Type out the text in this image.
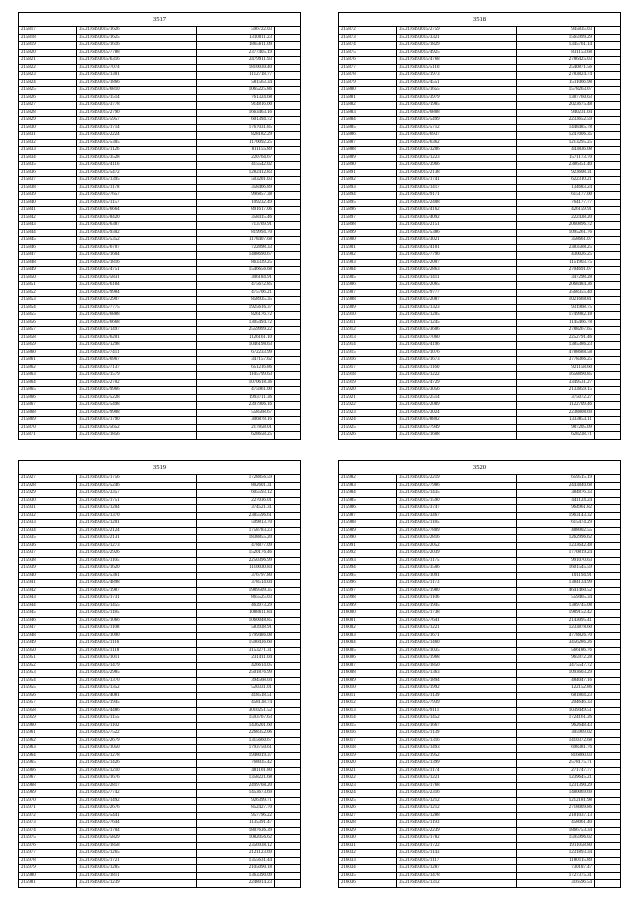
3517
215817	35.21/6493015/1626	596722.03	
215818	35.21/6493015/1625	1310011.23	
215819	35.21/6493015/1616	1865611.09	
215820	35.21/6493015/7788	2377405.19	
215821	35.21/6493015/6316	2479911.93	
215822	35.21/6493015/7074	1810030.40	
215823	35.21/6493015/1301	1112718.77	
215824	35.21/6493015/1866	581563.34	
215825	35.21/6493015/6810	1065225.86	
215826	35.21/6493015/1514	761324.68	
215827	35.21/6493015/3778	914816.00	
215828	35.21/6493015/2790	1663463.16	
215829	35.21/6493015/5957	601394.72	
215830	35.21/6493015/1714	1767031.85	
215831	35.21/6493015/2224	828182.29	
215832	35.21/6493015/5305	1170092.25	
215833	35.21/6493015/1126	811155.89	
215834	35.21/6493015/3528	220764.67	
215835	35.21/6493015/4116	415542.02	
215836	35.21/6493015/5472	1282412.83	
215837	35.21/6493015/1395	503201.03	
215838	35.21/6493015/1178	358466.89	
215839	35.21/6493015/7657	996857.38	
215840	35.21/6493015/1157	109232.49	
215841	35.21/6493015/6664	891617.06	
215842	35.21/6493015/8420	358415.46	
215843	35.21/6493015/6387	713769.91	
215844	35.21/6493015/9302	819994.70	
215845	35.21/6493015/5352	1178407.68	
215846	35.21/6493015/6707	722898.33	
215847	35.21/6493015/1604	1488690.67	
215848	35.21/6493015/1816	863339.25	
215849	35.21/6493015/4751	1546656.68	
215850	35.21/6493015/5831	306184.91	
215851	35.21/6493015/6184	475672.85	
215852	35.21/6493015/9984	475706.21	
215853	35.21/6493015/2907	858935.35	
215854	35.21/6493015/7775	1925616.37	
215855	35.21/6493015/6888	826176.72	
215856	35.21/6493015/6668	1305494.72	
215857	35.21/6493015/1497	2559999.22	
215858	35.21/6493015/6201	1126161.10	
215859	35.21/6493015/1298	1046198.63	
215860	35.21/6493015/7411	672233.99	
215861	35.21/6493015/6967	347157.62	
215862	35.21/6493015/7137	651216.86	
215863	35.21/6493015/1579	1105799.63	
215864	35.21/6493015/2702	1070618.36	
215865	35.21/6493015/9966	475961.00	
215866	35.21/6493015/5228	1993711.36	
215867	35.21/6493015/5498	2397906.16	
215868	35.21/6493015/9908	558568.67	
215869	35.21/6493015/1790	306878.16	
215870	35.21/6493015/5652	217858.01	
215871	35.21/6493015/1856	628658.25	
3518
215872	35.21/6493015/2759	945835.03	
215873	35.21/6493015/3321	1565999.29	
215874	35.21/6493015/1829	1345761.14	
215875	35.21/6493015/4925	831153.68	
215876	35.21/6493015/4768	2786425.03	
215877	35.21/6493015/5110	2540871.56	
215878	35.21/6493015/1973	2783824.74	
215879	35.21/6493015/4551	1511066.98	
215880	35.21/6493015/1655	1578263.07	
215881	35.21/6493015/3979	1387760.63	
215882	35.21/6493015/1985	2023675.48	
215883	35.21/6493015/6808	940231.04	
215884	35.21/6493015/5499	2233652.59	
215885	35.21/6493015/5712	1448485.78	
215886	35.21/6493015/6937	1247006.35	
215887	35.21/6493015/6362	1213295.25	
215888	35.21/6493015/3206	443836.08	
215889	35.21/6493015/1223	1571173.70	
215890	35.21/6493015/3966	2386351.40	
215891	35.21/6493015/2138	923608.31	
215892	35.21/6493015/1741	622310.21	
215893	35.21/6493015/1417	134683.24	
215894	35.21/6493015/9171	615177.00	
215895	35.21/6493015/2408	764177.77	
215896	35.21/6493015/4162	426159.91	
215897	35.21/6493015/4092	222438.20	
215898	35.21/6493015/2151	2060896.72	
215899	35.21/6493015/5386	1095261.76	
215900	35.21/6493015/3021	358661.07	
215901	35.21/6493015/4101	2383588.25	
215902	35.21/6493015/7790	430026.25	
215903	35.21/6493015/2007	1151903.75	
215904	35.21/6493015/2863	2704691.07	
215905	35.21/6493015/1411	347298.28	
215906	35.21/6493015/2065	2068484.36	
215907	35.21/6493015/9777	3568355.40	
215908	35.21/6493015/2087	1021668.81	
215909	35.21/6493015/1323	931968.75	
215910	35.21/6493015/1205	1749982.18	
215911	35.21/6493015/1245	1145466.78	
215912	35.21/6493015/3606	2788267.65	
215913	35.21/6493015/7060	2252791.46	
215914	35.21/6493015/4196	1385386.23	
215915	35.21/6493015/1076	4788688.58	
215916	35.21/6493015/1673	3778366.25	
215917	35.21/6493015/1160	921158.60	
215918	35.21/6493015/1222	1658890.85	
215919	35.21/6493015/4729	3349531.27	
215920	35.21/6493015/3056	2133859.15	
215921	35.21/6493015/2514	375072.27	
215922	35.21/6493015/2089	1122709.46	
215923	35.21/6493015/3024	2238808.69	
215924	35.21/6493015/8802	1333853.11	
215925	35.21/6493015/7949	987205.09	
215926	35.21/6493015/1608	628238.71	
3519
215927	35.21/6493015/1756	1728856.59	
215928	35.21/6493015/5246	802601.31	
215929	35.21/6493015/3357	605593.12	
215930	35.21/6493015/1751	227036.01	
215931	35.21/6493015/1204	374521.31	
215932	35.21/6493015/1370	2385596.61	
215933	35.21/6493015/1201	599813.70	
215934	35.21/6493015/2124	1758783.23	
215935	35.21/6493015/2131	1838855.20	
215936	35.21/6493015/1273	478877.09	
215937	35.21/6493015/2926	1520176.46	
215938	35.21/6493015/1105	2250396.99	
215939	35.21/6493015/1620	1110030.84	
215940	35.21/6493015/5361	376797.80	
215941	35.21/6493015/4898	378514.04	
215942	35.21/6493015/1987	1989509.35	
215943	35.21/6493015/1731	865525.03	
215944	35.21/6493015/1455	463973.29	
215945	35.21/6493015/1185	1088611.84	
215946	35.21/6493015/1066	1060048.85	
215947	35.21/6493015/1108	583938.91	
215948	35.21/6493015/1090	1799486.08	
215949	35.21/6493015/1116	1590436.60	
215950	35.21/6493015/1118	3153271.31	
215951	35.21/6493015/1011	231411.04	
215952	35.21/6493015/1479	426614.05	
215953	35.21/6493015/2985	2501876.99	
215954	35.21/6493015/1370	394568.04	
215955	35.21/6493015/1352	520331.01	
215956	35.21/6493015/4081	418518.51	
215957	35.21/6493015/1945	458138.74	
215958	35.21/6493015/4486	3010251.52	
215959	35.21/6493015/1155	1593767.63	
215960	35.21/6493015/1102	1436201.60	
215961	35.21/6493015/7522	2268352.06	
215962	35.21/6493015/2679	1315660.67	
215963	35.21/6493015/1050	1793750.61	
215964	35.21/6493015/1278	1948019.37	
215965	35.21/6493015/1426	768035.42	
215966	35.21/6493015/1210	481101.80	
215967	35.21/6493015/1676	1358221.68	
215968	35.21/6493015/2817	2499768.20	
215969	35.21/6493015/7742	1453673.69	
215970	35.21/6493015/1492	926399.71	
215971	35.21/6493015/2676	852427.70	
215972	35.21/6493015/5441	957796.22	
215973	35.21/6493015/7644	1135391.47	
215974	35.21/6493015/1704	1807636.39	
215975	35.21/6493015/5829	1082056.62	
215976	35.21/6493015/1858	2356938.12	
215977	35.21/6493015/1265	2121123.69	
215978	35.21/6493015/1721	1355631.44	
215979	35.21/6493015/1285	2105090.18	
215980	35.21/6493015/1811	1363390.09	
215981	35.21/6493015/1239	2248014.23	
3520
215982	35.21/6493015/2219	659515.19	
215983	35.21/6493015/7986	2443840.68	
215984	35.21/6493015/1435	384876.33	
215985	35.21/6493015/1590	441124.24	
215986	35.21/6493015/3747	964961.82	
215987	35.21/6493015/3467	1963143.32	
215988	35.21/6493015/1185	615474.29	
215989	35.21/6493015/7809	488002.55	
215990	35.21/6493015/2816	1262996.62	
215991	35.21/6493015/2052	1233642.48	
215992	35.21/6493015/2039	1770819.24	
215993	35.21/6493015/1175	991070.63	
215994	35.21/6493015/3506	1601545.59	
215995	35.21/6493015/1091	101194.91	
215996	35.21/6493015/1173	1384134.99	
215997	35.21/6493015/1980	4641460.52	
215998	35.21/6493015/1106	559465.34	
215999	35.21/6493015/1945	1389745.08	
216000	35.21/6493015/1738	1989152.42	
216001	35.21/6493015/7641	2143095.41	
216002	35.21/6493015/1221	1233878.60	
216003	35.21/6493015/1671	4778826.70	
216004	35.21/6493015/1460	3456286.26	
216005	35.21/6493015/1035	566186.76	
216006	35.21/6493015/1968	965972.28	
216007	35.21/6493015/1850	3475547.72	
216008	35.21/6493015/1363	1093603.29	
216009	35.21/6493015/1894	484047.16	
216010	35.21/6493015/1992	122152.86	
216011	35.21/6493015/1139	681804.23	
216012	35.21/6493015/7939	204646.33	
216013	35.21/6493015/9111	1039449.51	
216014	35.21/6493015/1452	1724161.26	
216015	35.21/6493015/1667	962648.43	
216016	35.21/6493015/1139	305969.02	
216017	35.21/6493015/1316	1410372.68	
216018	35.21/6493015/1493	698381.76	
216019	35.21/6493015/1952	816860.03	
216020	35.21/6493015/1399	2578175.71	
216021	35.21/6493015/1174	271747.77	
216022	35.21/6493015/1221	1239645.21	
216023	35.21/6493015/1768	1231390.29	
216024	35.21/6493015/2316	1480069.69	
216025	35.21/6493015/1212	1212181.98	
216026	35.21/6493015/1212	2718009.86	
216027	35.21/6493015/1288	2181037.13	
216028	35.21/6493015/1193	458061.40	
216029	35.21/6493015/2239	1866753.34	
216030	35.21/6493015/1782	1595996.02	
216031	35.21/6493015/1722	1911058.80	
216032	35.21/6493015/1143	1231893.34	
216033	35.21/6493015/1117	1180115.89	
216034	35.21/6493015/1287	730187.47	
216035	35.21/6493015/1478	1727375.31	
216036	35.21/6493015/1312	316596.54	
